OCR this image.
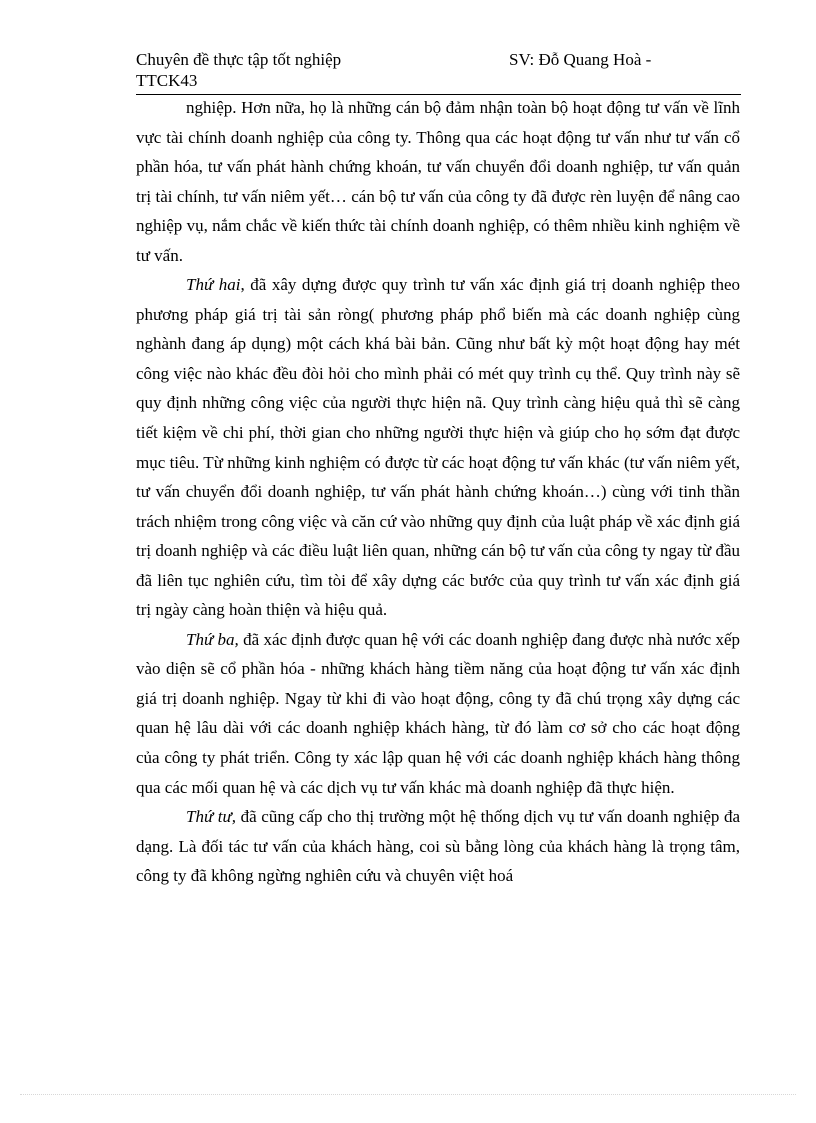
Chuyên đề thực tập tốt nghiệp	SV: Đỗ Quang Hoà -
TTCK43

nghiệp. Hơn nữa, họ là những cán bộ đảm nhận toàn bộ hoạt động tư vấn về lĩnh vực tài chính doanh nghiệp của công ty. Thông qua các hoạt động tư vấn như tư vấn cổ phần hóa, tư vấn phát hành chứng khoán, tư vấn chuyển đổi doanh nghiệp, tư vấn quản trị tài chính, tư vấn niêm yết… cán bộ tư vấn của công ty đã được rèn luyện để nâng cao nghiệp vụ, nắm chắc về kiến thức tài chính doanh nghiệp, có thêm nhiều kinh nghiệm về tư vấn.

Thứ hai, đã xây dựng được quy trình tư vấn xác định giá trị doanh nghiệp theo phương pháp giá trị tài sản ròng( phương pháp phổ biến mà các doanh nghiệp cùng nghành đang áp dụng) một cách khá bài bản. Cũng như bất kỳ một hoạt động hay mét công việc nào khác đều đòi hỏi cho mình phải có mét quy trình cụ thể. Quy trình này sẽ quy định những công việc của người thực hiện nã. Quy trình càng hiệu quả thì sẽ càng tiết kiệm về chi phí, thời gian cho những người thực hiện và giúp cho họ sớm đạt được mục tiêu. Từ những kinh nghiệm có được từ các hoạt động tư vấn khác (tư vấn niêm yết, tư vấn chuyển đổi doanh nghiệp, tư vấn phát hành chứng khoán…) cùng với tinh thần trách nhiệm trong công việc và căn cứ vào những quy định của luật pháp về xác định giá trị doanh nghiệp và các điều luật liên quan, những cán bộ tư vấn của công ty ngay từ đầu đã liên tục nghiên cứu, tìm tòi để xây dựng các bước của quy trình tư vấn xác định giá trị ngày càng hoàn thiện và hiệu quả.

Thứ ba, đã xác định được quan hệ với các doanh nghiệp đang được nhà nước xếp vào diện sẽ cổ phần hóa - những khách hàng tiềm năng của hoạt động tư vấn xác định giá trị doanh nghiệp. Ngay từ khi đi vào hoạt động, công ty đã chú trọng xây dựng các quan hệ lâu dài với các doanh nghiệp khách hàng, từ đó làm cơ sở cho các hoạt động của công ty phát triển. Công ty xác lập quan hệ với các doanh nghiệp khách hàng thông qua các mối quan hệ và các dịch vụ tư vấn khác mà doanh nghiệp đã thực hiện.

Thứ tư, đã cũng cấp cho thị trường một hệ thống dịch vụ tư vấn doanh nghiệp đa dạng. Là đối tác tư vấn của khách hàng, coi sù bằng lòng của khách hàng là trọng tâm, công ty đã không ngừng nghiên cứu và chuyên việt hoá
